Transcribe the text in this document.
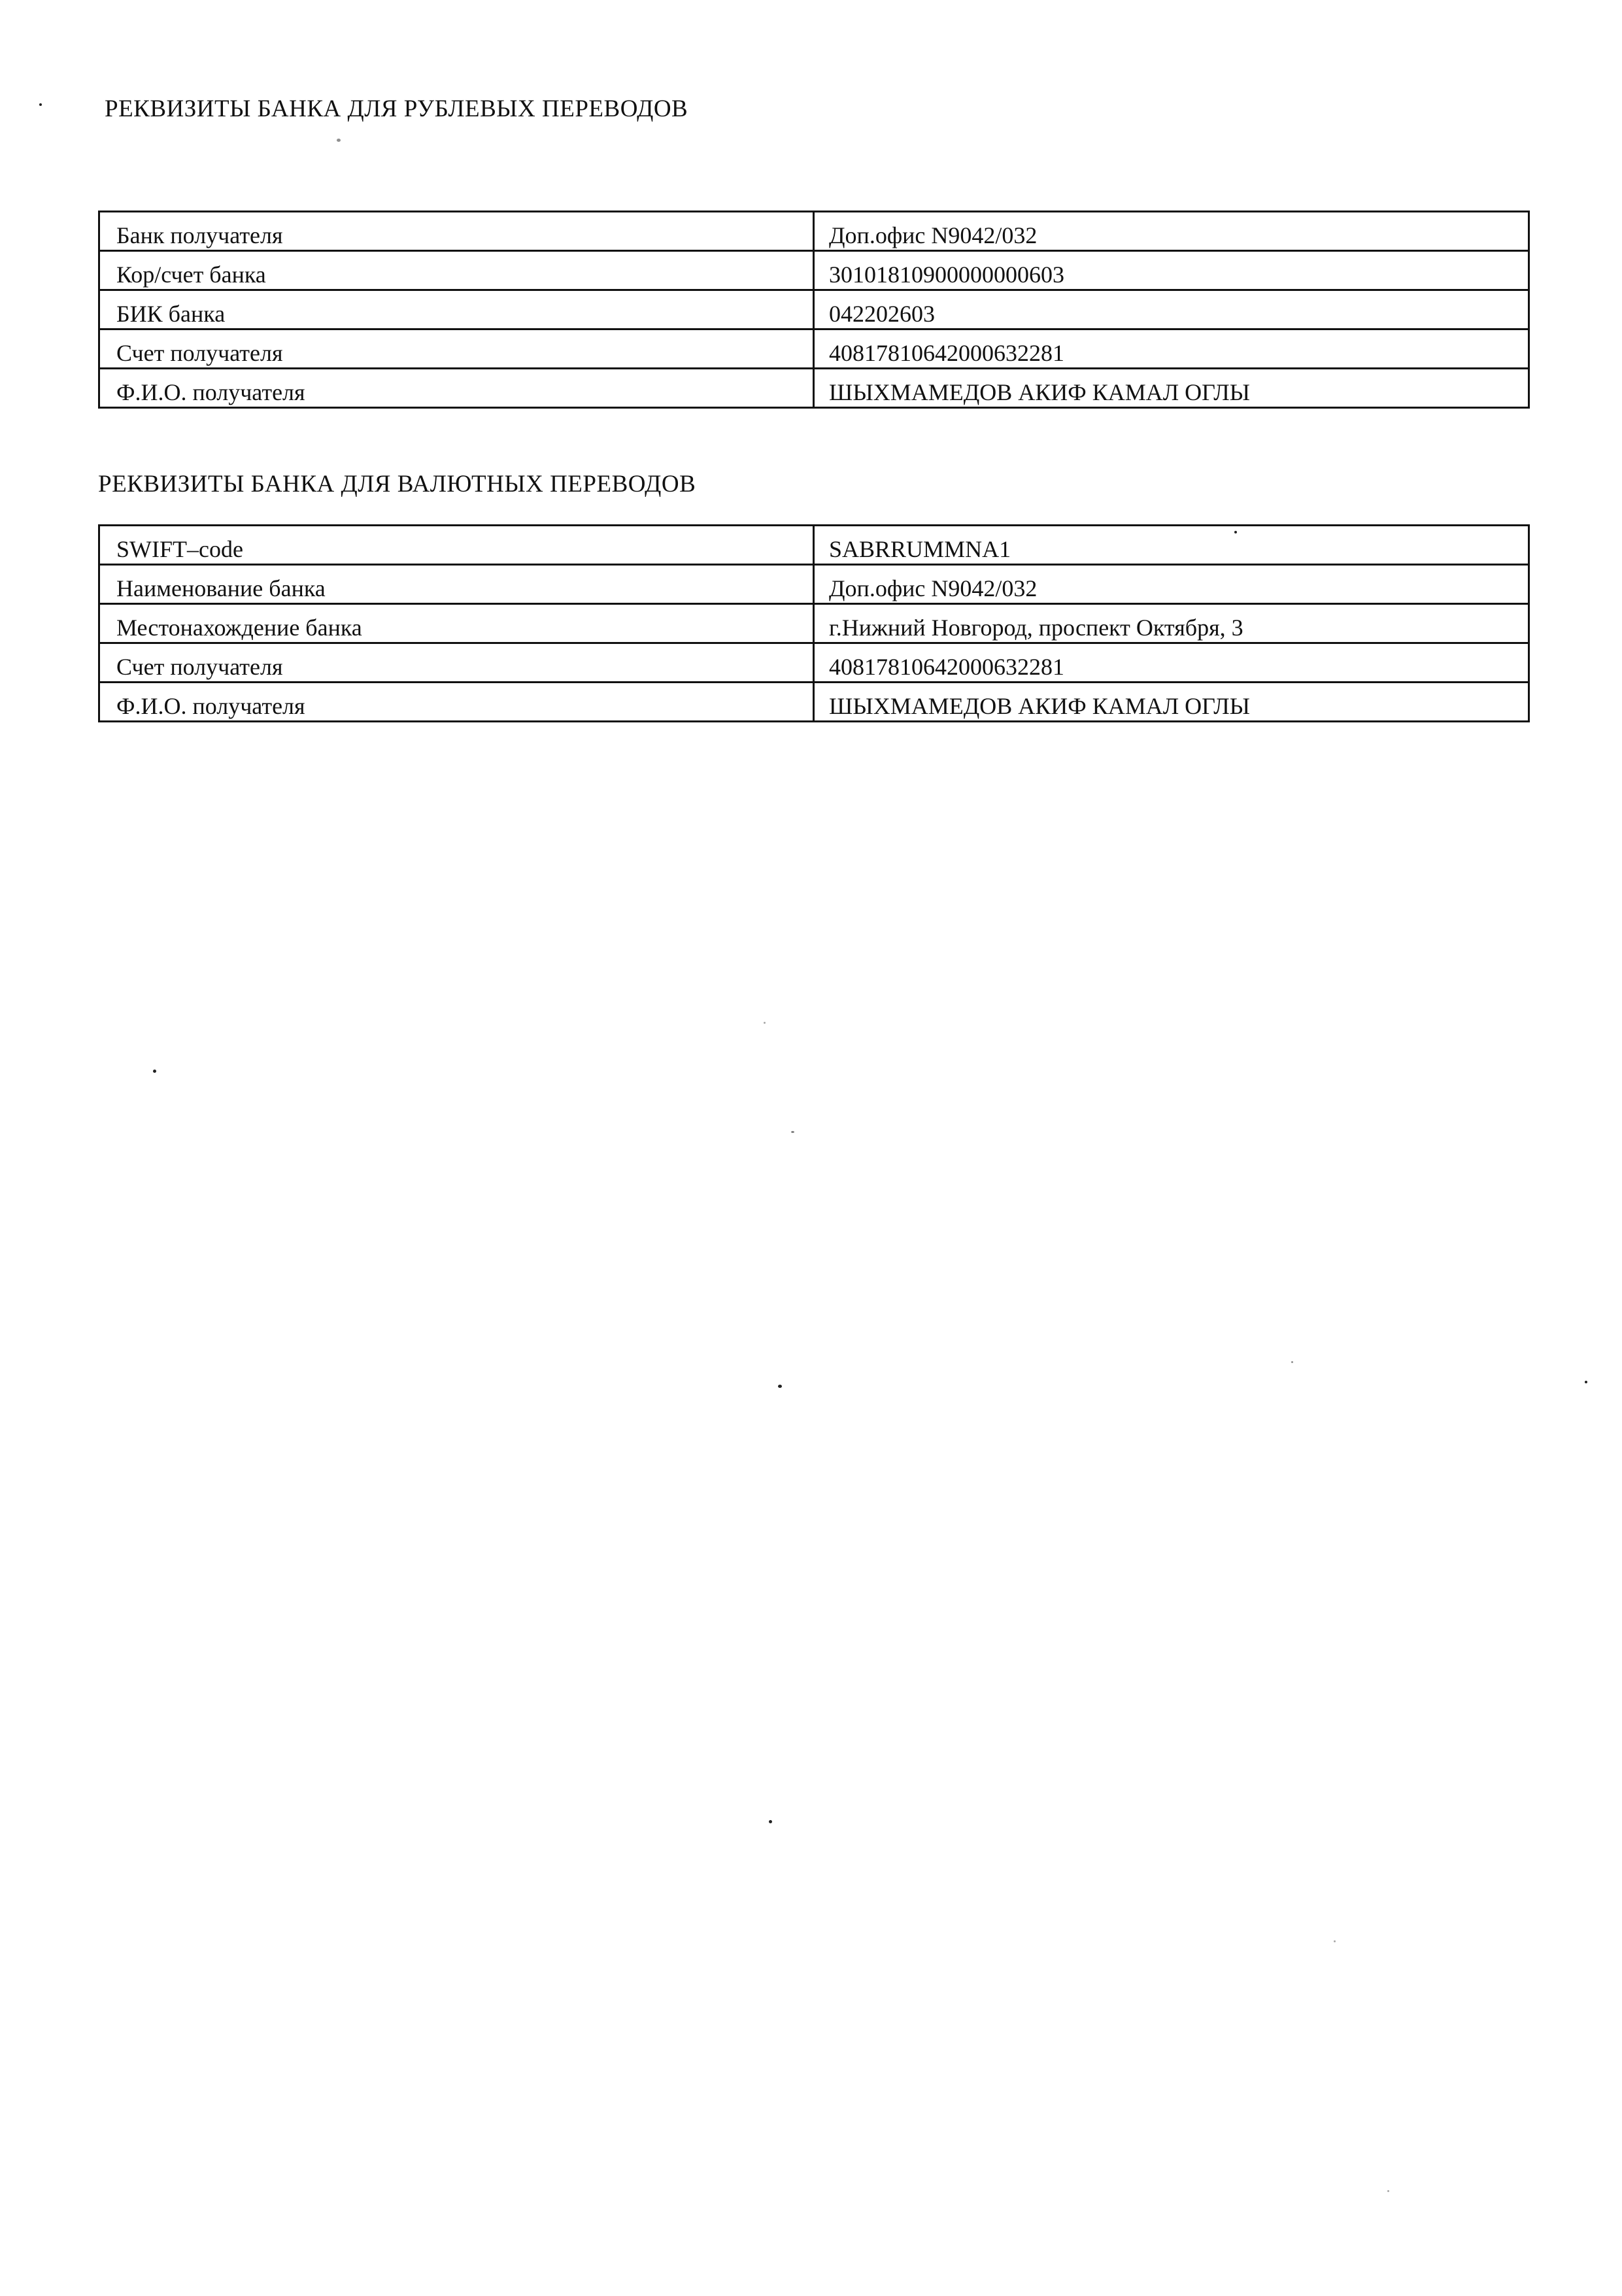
РЕКВИЗИТЫ БАНКА ДЛЯ РУБЛЕВЫХ ПЕРЕВОДОВ
Банк получателя	Доп.офис N9042/032
Кор/счет банка	30101810900000000603
БИК банка	042202603
Счет получателя	40817810642000632281
Ф.И.О. получателя	ШЫХМАМЕДОВ АКИФ КАМАЛ ОГЛЫ
РЕКВИЗИТЫ БАНКА ДЛЯ ВАЛЮТНЫХ ПЕРЕВОДОВ
SWIFT–code	SABRRUMMNA1
Наименование банка	Доп.офис N9042/032
Местонахождение банка	г.Нижний Новгород, проспект Октября, 3
Счет получателя	40817810642000632281
Ф.И.О. получателя	ШЫХМАМЕДОВ АКИФ КАМАЛ ОГЛЫ
